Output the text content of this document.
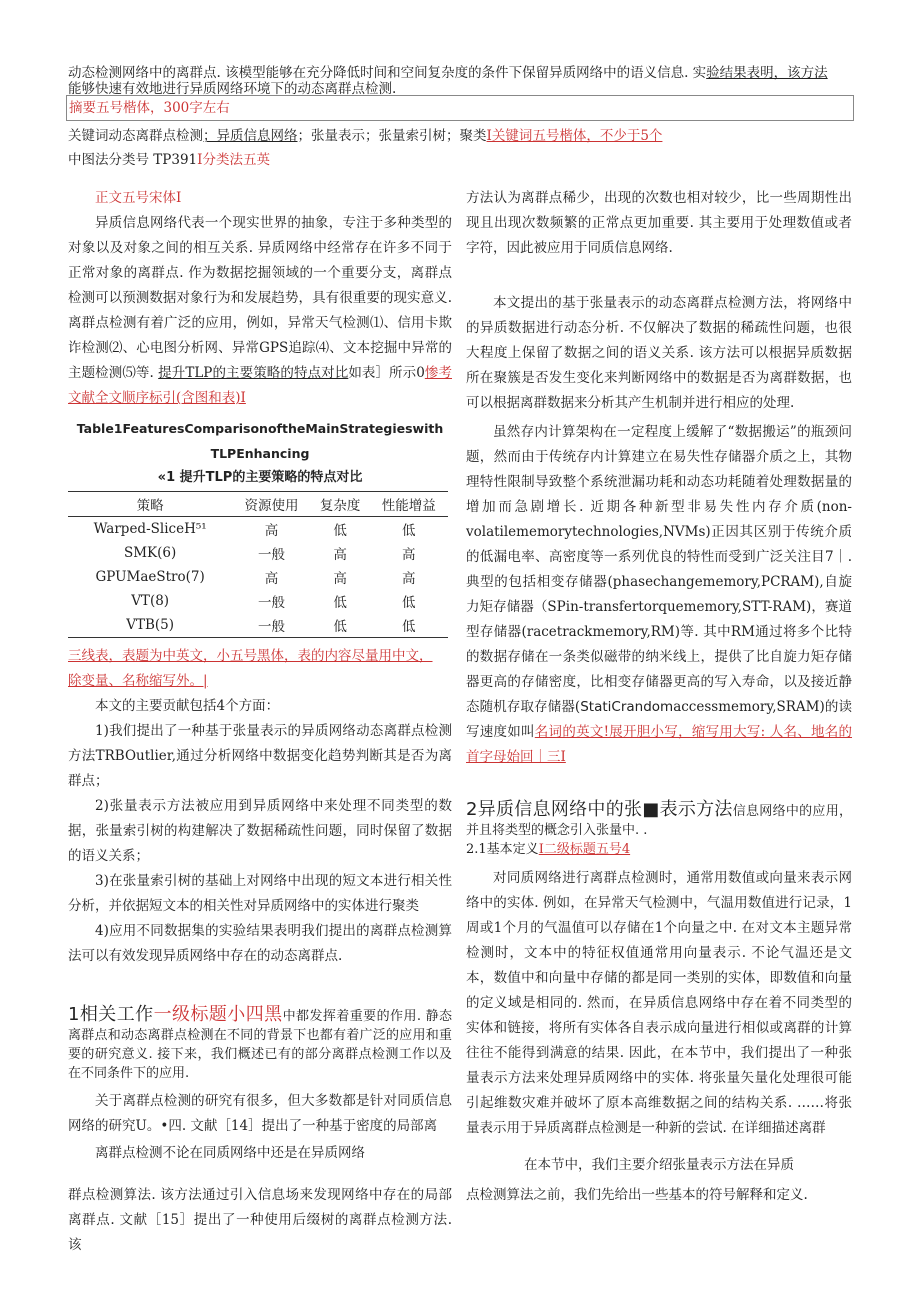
动态检测网络中的离群点. 该模型能够在充分降低时间和空间复杂度的条件下保留异质网络中的语义信息. 实验结果表明，该方法
能够快速有效地进行异质网络环境下的动态离群点检测.
摘要五号楷体，300字左右
关键词动态离群点检测；异质信息网络；张量表示；张量索引树；聚类I关键词五号楷体，不少于5个
中图法分类号 TP391I分类法五英
正文五号宋体I
异质信息网络代表一个现实世界的抽象，专注于多种类型的对象以及对象之间的相互关系. 异质网络中经常存在许多不同于正常对象的离群点. 作为数据挖掘领域的一个重要分支，离群点检测可以预测数据对象行为和发展趋势，具有很重要的现实意义. 离群点检测有着广泛的应用，例如，异常天气检测⑴、信用卡欺诈检测⑵、心电图分析网、异常GPS追踪⑷、文本挖掘中异常的主题检测⑸等. 提升TLP的主要策略的特点对比如表］所示0惨考文献全文顺序标引(含图和表)I
Table1FeaturesComparisonoftheMainStrategieswith
TLPEnhancing
«1 提升TLP的主要策略的特点对比
策略	资源使用	复杂度	性能增益
Warped-SliceH⁵¹	高	低	低
SMK(6)	一般	高	高
GPUMaeStro(7)	高	高	高
VT(8)	一般	低	低
VTB(5)	一般	低	低
三线表，表题为中英文，小五号黑体，表的内容尽量用中文，
除变量、名称缩写外。|
本文的主要贡献包括4个方面：
1)我们提出了一种基于张量表示的异质网络动态离群点检测方法TRBOutlier,通过分析网络中数据变化趋势判断其是否为离群点；
2)张量表示方法被应用到异质网络中来处理不同类型的数据，张量索引树的构建解决了数据稀疏性问题，同时保留了数据的语义关系；
3)在张量索引树的基础上对网络中出现的短文本进行相关性分析，并依据短文本的相关性对异质网络中的实体进行聚类
4)应用不同数据集的实验结果表明我们提出的离群点检测算法可以有效发现异质网络中存在的动态离群点.
1相关工作一级标题小四黑中都发挥着重要的作用. 静态离群点和动态离群点检测在不同的背景下也都有着广泛的应用和重要的研究意义. 接下来，我们概述已有的部分离群点检测工作以及在不同条件下的应用.
关于离群点检测的研究有很多，但大多数都是针对同质信息网络的研究U。•四. 文献［14］提出了一种基于密度的局部离
离群点检测不论在同质网络中还是在异质网络
群点检测算法. 该方法通过引入信息场来发现网络中存在的局部离群点. 文献［15］提出了一种使用后缀树的离群点检测方法. 该
方法认为离群点稀少，出现的次数也相对较少，比一些周期性出现且出现次数频繁的正常点更加重要. 其主要用于处理数值或者字符，因此被应用于同质信息网络.
本文提出的基于张量表示的动态离群点检测方法，将网络中的异质数据进行动态分析. 不仅解决了数据的稀疏性问题，也很大程度上保留了数据之间的语义关系. 该方法可以根据异质数据所在聚簇是否发生变化来判断网络中的数据是否为离群数据，也可以根据离群数据来分析其产生机制并进行相应的处理.
虽然存内计算架构在一定程度上缓解了“数据搬运”的瓶颈问题，然而由于传统存内计算建立在易失性存储器介质之上，其物理特性限制导致整个系统泄漏功耗和动态功耗随着处理数据量的增加而急剧增长. 近期各种新型非易失性内存介质(non-volatilememorytechnologies,NVMs)正因其区别于传统介质的低漏电率、高密度等一系列优良的特性而受到广泛关注目7｜. 典型的包括相变存储器(phasechangememory,PCRAM),自旋力矩存储器（SPin-transfertorquememory,STT-RAM)，赛道型存储器(racetrackmemory,RM)等. 其中RM通过将多个比特的数据存储在一条类似磁带的纳米线上，提供了比自旋力矩存储器更高的存储密度，比相变存储器更高的写入寿命，以及接近静态随机存取存储器(StatiCrandomaccessmemory,SRAM)的读写速度如叫名词的英文!展开胆小写，缩写用大写: 人名、地名的首字母始回｜三I
2异质信息网络中的张■表示方法信息网络中的应用，并且将类型的概念引入张量中. .
2.1基本定义I二级标题五号4
对同质网络进行离群点检测时，通常用数值或向量来表示网络中的实体. 例如，在异常天气检测中，气温用数值进行记录，1周或1个月的气温值可以存储在1个向量之中. 在对文本主题异常检测时，文本中的特征权值通常用向量表示. 不论气温还是文本，数值中和向量中存储的都是同一类别的实体，即数值和向量的定义域是相同的. 然而，在异质信息网络中存在着不同类型的实体和链接，将所有实体各自表示成向量进行相似或离群的计算往往不能得到满意的结果. 因此，在本节中，我们提出了一种张量表示方法来处理异质网络中的实体. 将张量矢量化处理很可能引起维数灾难并破坏了原本高维数据之间的结构关系. ……将张量表示用于异质离群点检测是一种新的尝试. 在详细描述离群
在本节中，我们主要介绍张量表示方法在异质
点检测算法之前，我们先给出一些基本的符号解释和定义.
